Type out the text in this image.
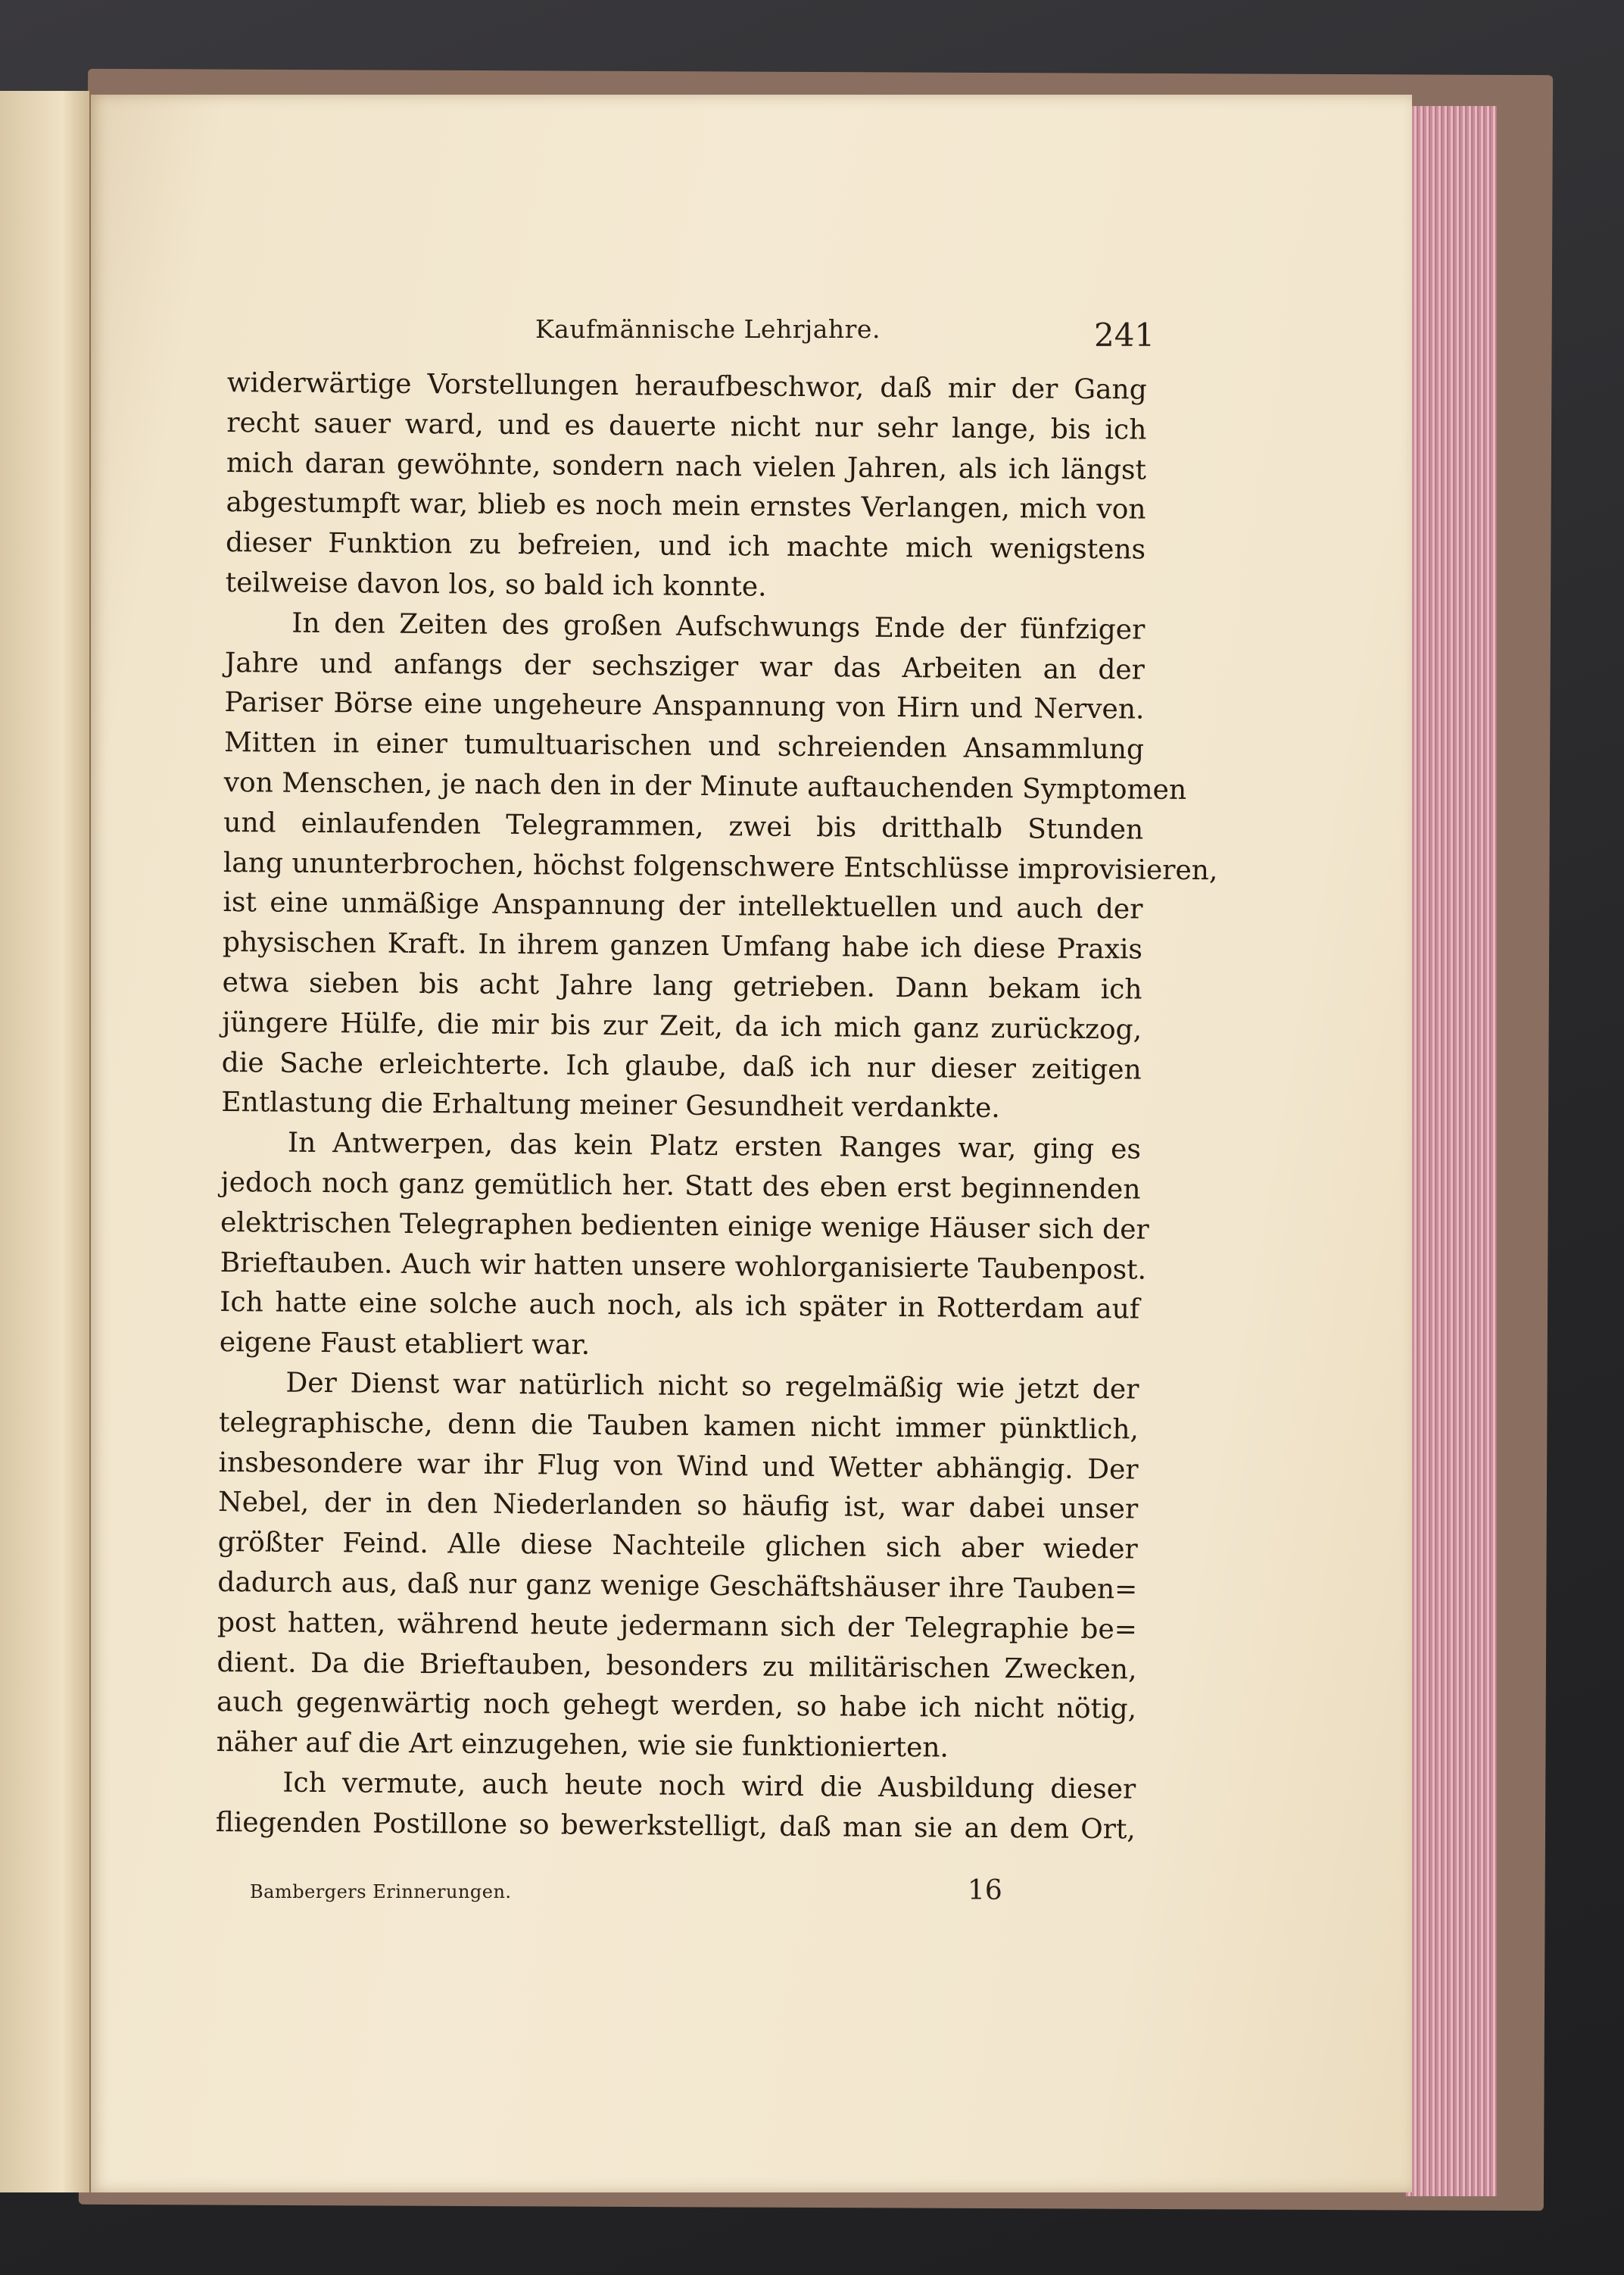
Kaufmännische Lehrjahre.	241
widerwärtige Vorstellungen heraufbeschwor, daß mir der Gang
recht sauer ward, und es dauerte nicht nur sehr lange, bis ich
mich daran gewöhnte, sondern nach vielen Jahren, als ich längst
abgestumpft war, blieb es noch mein ernstes Verlangen, mich von
dieser Funktion zu befreien, und ich machte mich wenigstens
teilweise davon los, so bald ich konnte.
In den Zeiten des großen Aufschwungs Ende der fünfziger
Jahre und anfangs der sechsziger war das Arbeiten an der
Pariser Börse eine ungeheure Anspannung von Hirn und Nerven.
Mitten in einer tumultuarischen und schreienden Ansammlung
von Menschen, je nach den in der Minute auftauchenden Symptomen
und einlaufenden Telegrammen, zwei bis dritthalb Stunden
lang ununterbrochen, höchst folgenschwere Entschlüsse improvisieren,
ist eine unmäßige Anspannung der intellektuellen und auch der
physischen Kraft. In ihrem ganzen Umfang habe ich diese Praxis
etwa sieben bis acht Jahre lang getrieben. Dann bekam ich
jüngere Hülfe, die mir bis zur Zeit, da ich mich ganz zurückzog,
die Sache erleichterte. Ich glaube, daß ich nur dieser zeitigen
Entlastung die Erhaltung meiner Gesundheit verdankte.
In Antwerpen, das kein Platz ersten Ranges war, ging es
jedoch noch ganz gemütlich her. Statt des eben erst beginnenden
elektrischen Telegraphen bedienten einige wenige Häuser sich der
Brieftauben. Auch wir hatten unsere wohlorganisierte Taubenpost.
Ich hatte eine solche auch noch, als ich später in Rotterdam auf
eigene Faust etabliert war.
Der Dienst war natürlich nicht so regelmäßig wie jetzt der
telegraphische, denn die Tauben kamen nicht immer pünktlich,
insbesondere war ihr Flug von Wind und Wetter abhängig. Der
Nebel, der in den Niederlanden so häufig ist, war dabei unser
größter Feind. Alle diese Nachteile glichen sich aber wieder
dadurch aus, daß nur ganz wenige Geschäftshäuser ihre Tauben=
post hatten, während heute jedermann sich der Telegraphie be=
dient. Da die Brieftauben, besonders zu militärischen Zwecken,
auch gegenwärtig noch gehegt werden, so habe ich nicht nötig,
näher auf die Art einzugehen, wie sie funktionierten.
Ich vermute, auch heute noch wird die Ausbildung dieser
fliegenden Postillone so bewerkstelligt, daß man sie an dem Ort,
Bambergers Erinnerungen.	16
